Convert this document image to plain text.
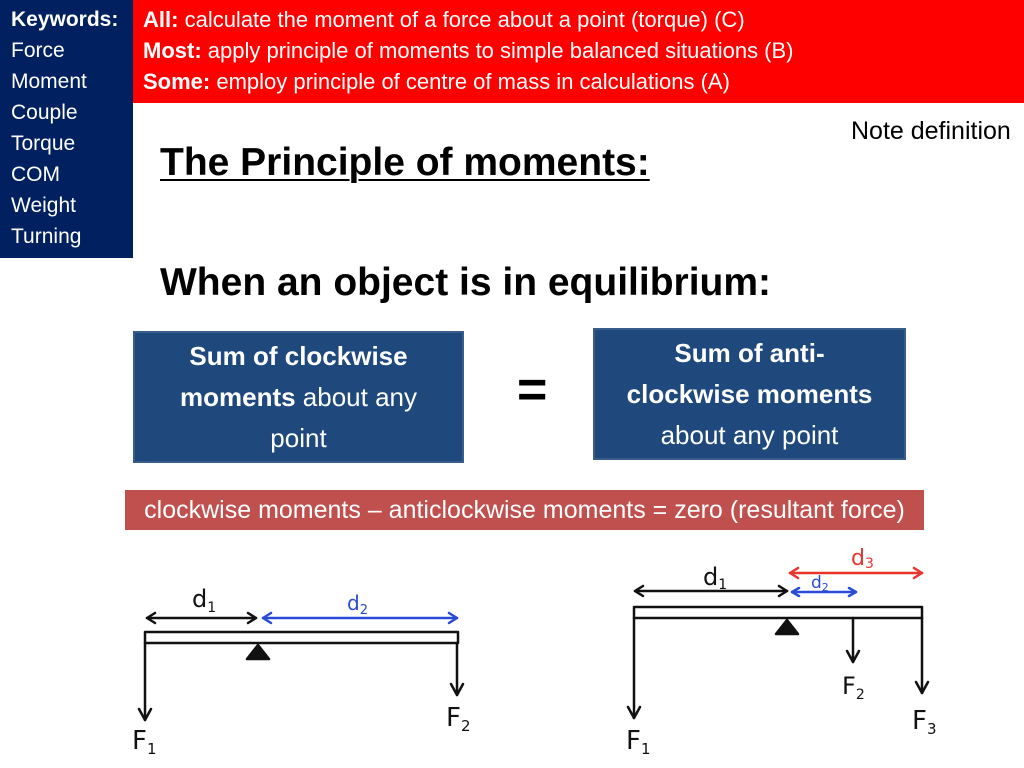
Keywords:
Force
Moment
Couple
Torque
COM
Weight
Turning
All: calculate the moment of a force about a point (torque) (C)
Most: apply principle of moments to simple balanced situations (B)
Some: employ principle of centre of mass in calculations (A)
Note definition
The Principle of moments:
When an object is in equilibrium:
Sum of clockwise moments about any point
=
Sum of anti-clockwise moments about any point
clockwise moments – anticlockwise moments = zero (resultant force)
$d_1$	$d_2$
F1
F2
d1	d2
d3
F1
$F_2$
F3
